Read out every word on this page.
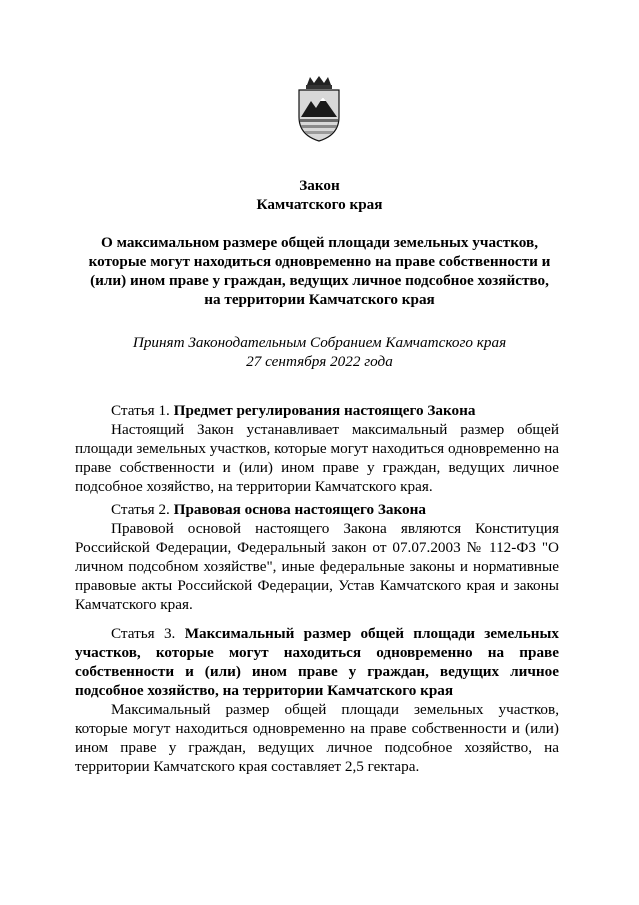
Закон
Камчатского края
О максимальном размере общей площади земельных участков,
которые могут находиться одновременно на праве собственности и
(или) ином праве у граждан, ведущих личное подсобное хозяйство,
на территории Камчатского края
Принят Законодательным Собранием Камчатского края
27 сентября 2022 года

Статья 1. Предмет регулирования настоящего Закона

Настоящий Закон устанавливает максимальный размер общей площади земельных участков, которые могут находиться одновременно на праве собственности и (или) ином праве у граждан, ведущих личное подсобное хозяйство, на территории Камчатского края.

Статья 2. Правовая основа настоящего Закона

Правовой основой настоящего Закона являются Конституция Российской Федерации, Федеральный закон от 07.07.2003 № 112-ФЗ "О личном подсобном хозяйстве", иные федеральные законы и нормативные правовые акты Российской Федерации, Устав Камчатского края и законы Камчатского края.

Статья 3. Максимальный размер общей площади земельных участков, которые могут находиться одновременно на праве собственности и (или) ином праве у граждан, ведущих личное подсобное хозяйство, на территории Камчатского края

Максимальный размер общей площади земельных участков, которые могут находиться одновременно на праве собственности и (или) ином праве у граждан, ведущих личное подсобное хозяйство, на территории Камчатского края составляет 2,5 гектара.
